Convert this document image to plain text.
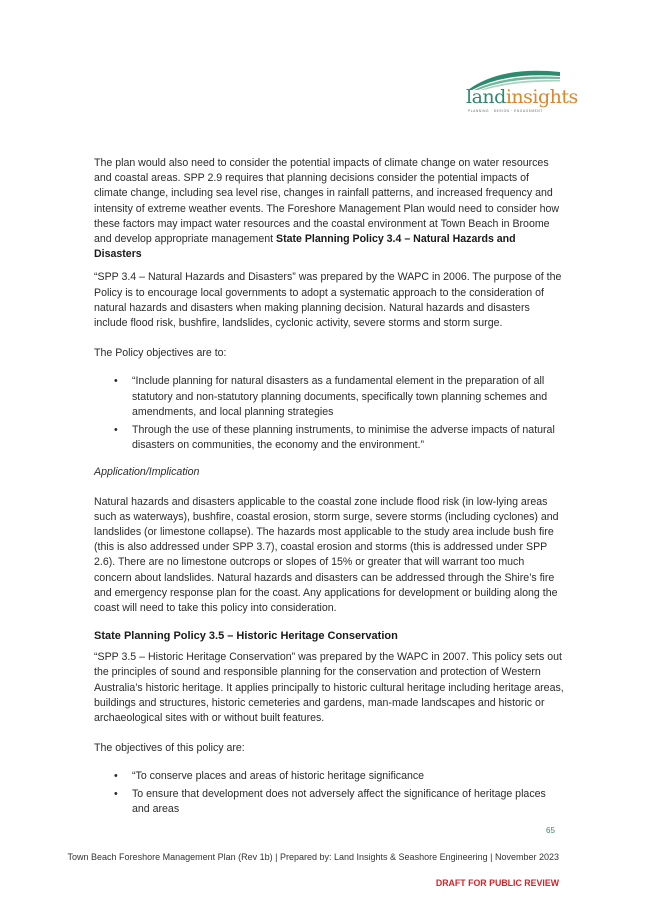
landinsights
PLANNING · DESIGN · ENGAGEMENT

The plan would also need to consider the potential impacts of climate change on water resources and coastal areas. SPP 2.9 requires that planning decisions consider the potential impacts of climate change, including sea level rise, changes in rainfall patterns, and increased frequency and intensity of extreme weather events. The Foreshore Management Plan would need to consider how these factors may impact water resources and the coastal environment at Town Beach in Broome and develop appropriate management State Planning Policy 3.4 – Natural Hazards and Disasters

“SPP 3.4 – Natural Hazards and Disasters” was prepared by the WAPC in 2006. The purpose of the Policy is to encourage local governments to adopt a systematic approach to the consideration of natural hazards and disasters when making planning decision. Natural hazards and disasters include flood risk, bushfire, landslides, cyclonic activity, severe storms and storm surge.

The Policy objectives are to:

• “Include planning for natural disasters as a fundamental element in the preparation of all statutory and non-statutory planning documents, specifically town planning schemes and amendments, and local planning strategies
• Through the use of these planning instruments, to minimise the adverse impacts of natural disasters on communities, the economy and the environment.”

Application/Implication

Natural hazards and disasters applicable to the coastal zone include flood risk (in low-lying areas such as waterways), bushfire, coastal erosion, storm surge, severe storms (including cyclones) and landslides (or limestone collapse). The hazards most applicable to the study area include bush fire (this is also addressed under SPP 3.7), coastal erosion and storms (this is addressed under SPP 2.6). There are no limestone outcrops or slopes of 15% or greater that will warrant too much concern about landslides. Natural hazards and disasters can be addressed through the Shire’s fire and emergency response plan for the coast. Any applications for development or building along the coast will need to take this policy into consideration.

State Planning Policy 3.5 – Historic Heritage Conservation

“SPP 3.5 – Historic Heritage Conservation” was prepared by the WAPC in 2007. This policy sets out the principles of sound and responsible planning for the conservation and protection of Western Australia’s historic heritage. It applies principally to historic cultural heritage including heritage areas, buildings and structures, historic cemeteries and gardens, man-made landscapes and historic or archaeological sites with or without built features.

The objectives of this policy are:

• “To conserve places and areas of historic heritage significance
• To ensure that development does not adversely affect the significance of heritage places and areas
65
Town Beach Foreshore Management Plan (Rev 1b) | Prepared by: Land Insights & Seashore Engineering | November 2023
DRAFT FOR PUBLIC REVIEW
